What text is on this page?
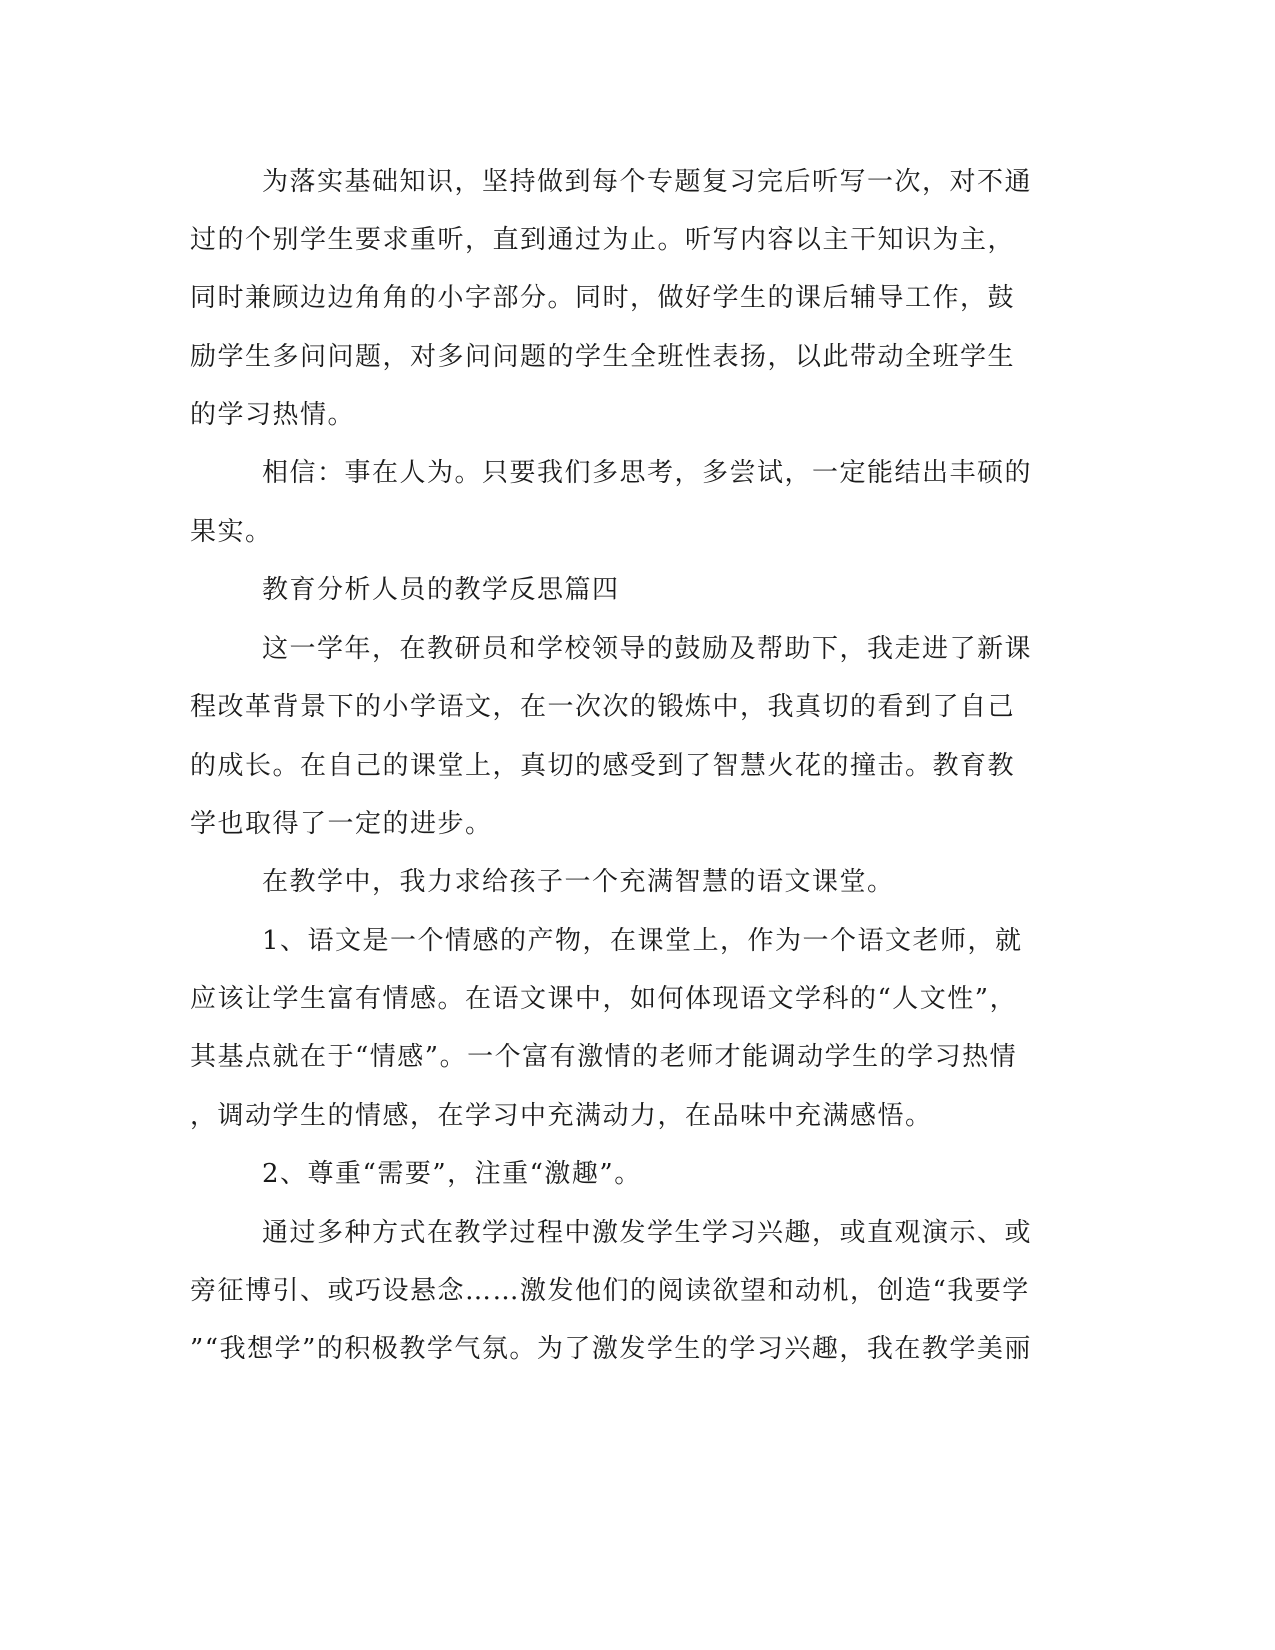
为落实基础知识，坚持做到每个专题复习完后听写一次，对不通
过的个别学生要求重听，直到通过为止。听写内容以主干知识为主，
同时兼顾边边角角的小字部分。同时，做好学生的课后辅导工作，鼓
励学生多问问题，对多问问题的学生全班性表扬，以此带动全班学生
的学习热情。
相信：事在人为。只要我们多思考，多尝试，一定能结出丰硕的
果实。
教育分析人员的教学反思篇四
这一学年，在教研员和学校领导的鼓励及帮助下，我走进了新课
程改革背景下的小学语文，在一次次的锻炼中，我真切的看到了自己
的成长。在自己的课堂上，真切的感受到了智慧火花的撞击。教育教
学也取得了一定的进步。
在教学中，我力求给孩子一个充满智慧的语文课堂。
1、语文是一个情感的产物，在课堂上，作为一个语文老师，就
应该让学生富有情感。在语文课中，如何体现语文学科的“人文性”，
其基点就在于“情感”。一个富有激情的老师才能调动学生的学习热情
，调动学生的情感，在学习中充满动力，在品味中充满感悟。
2、尊重“需要”，注重“激趣”。
通过多种方式在教学过程中激发学生学习兴趣，或直观演示、或
旁征博引、或巧设悬念……激发他们的阅读欲望和动机，创造“我要学
”“我想学”的积极教学气氛。为了激发学生的学习兴趣，我在教学美丽
